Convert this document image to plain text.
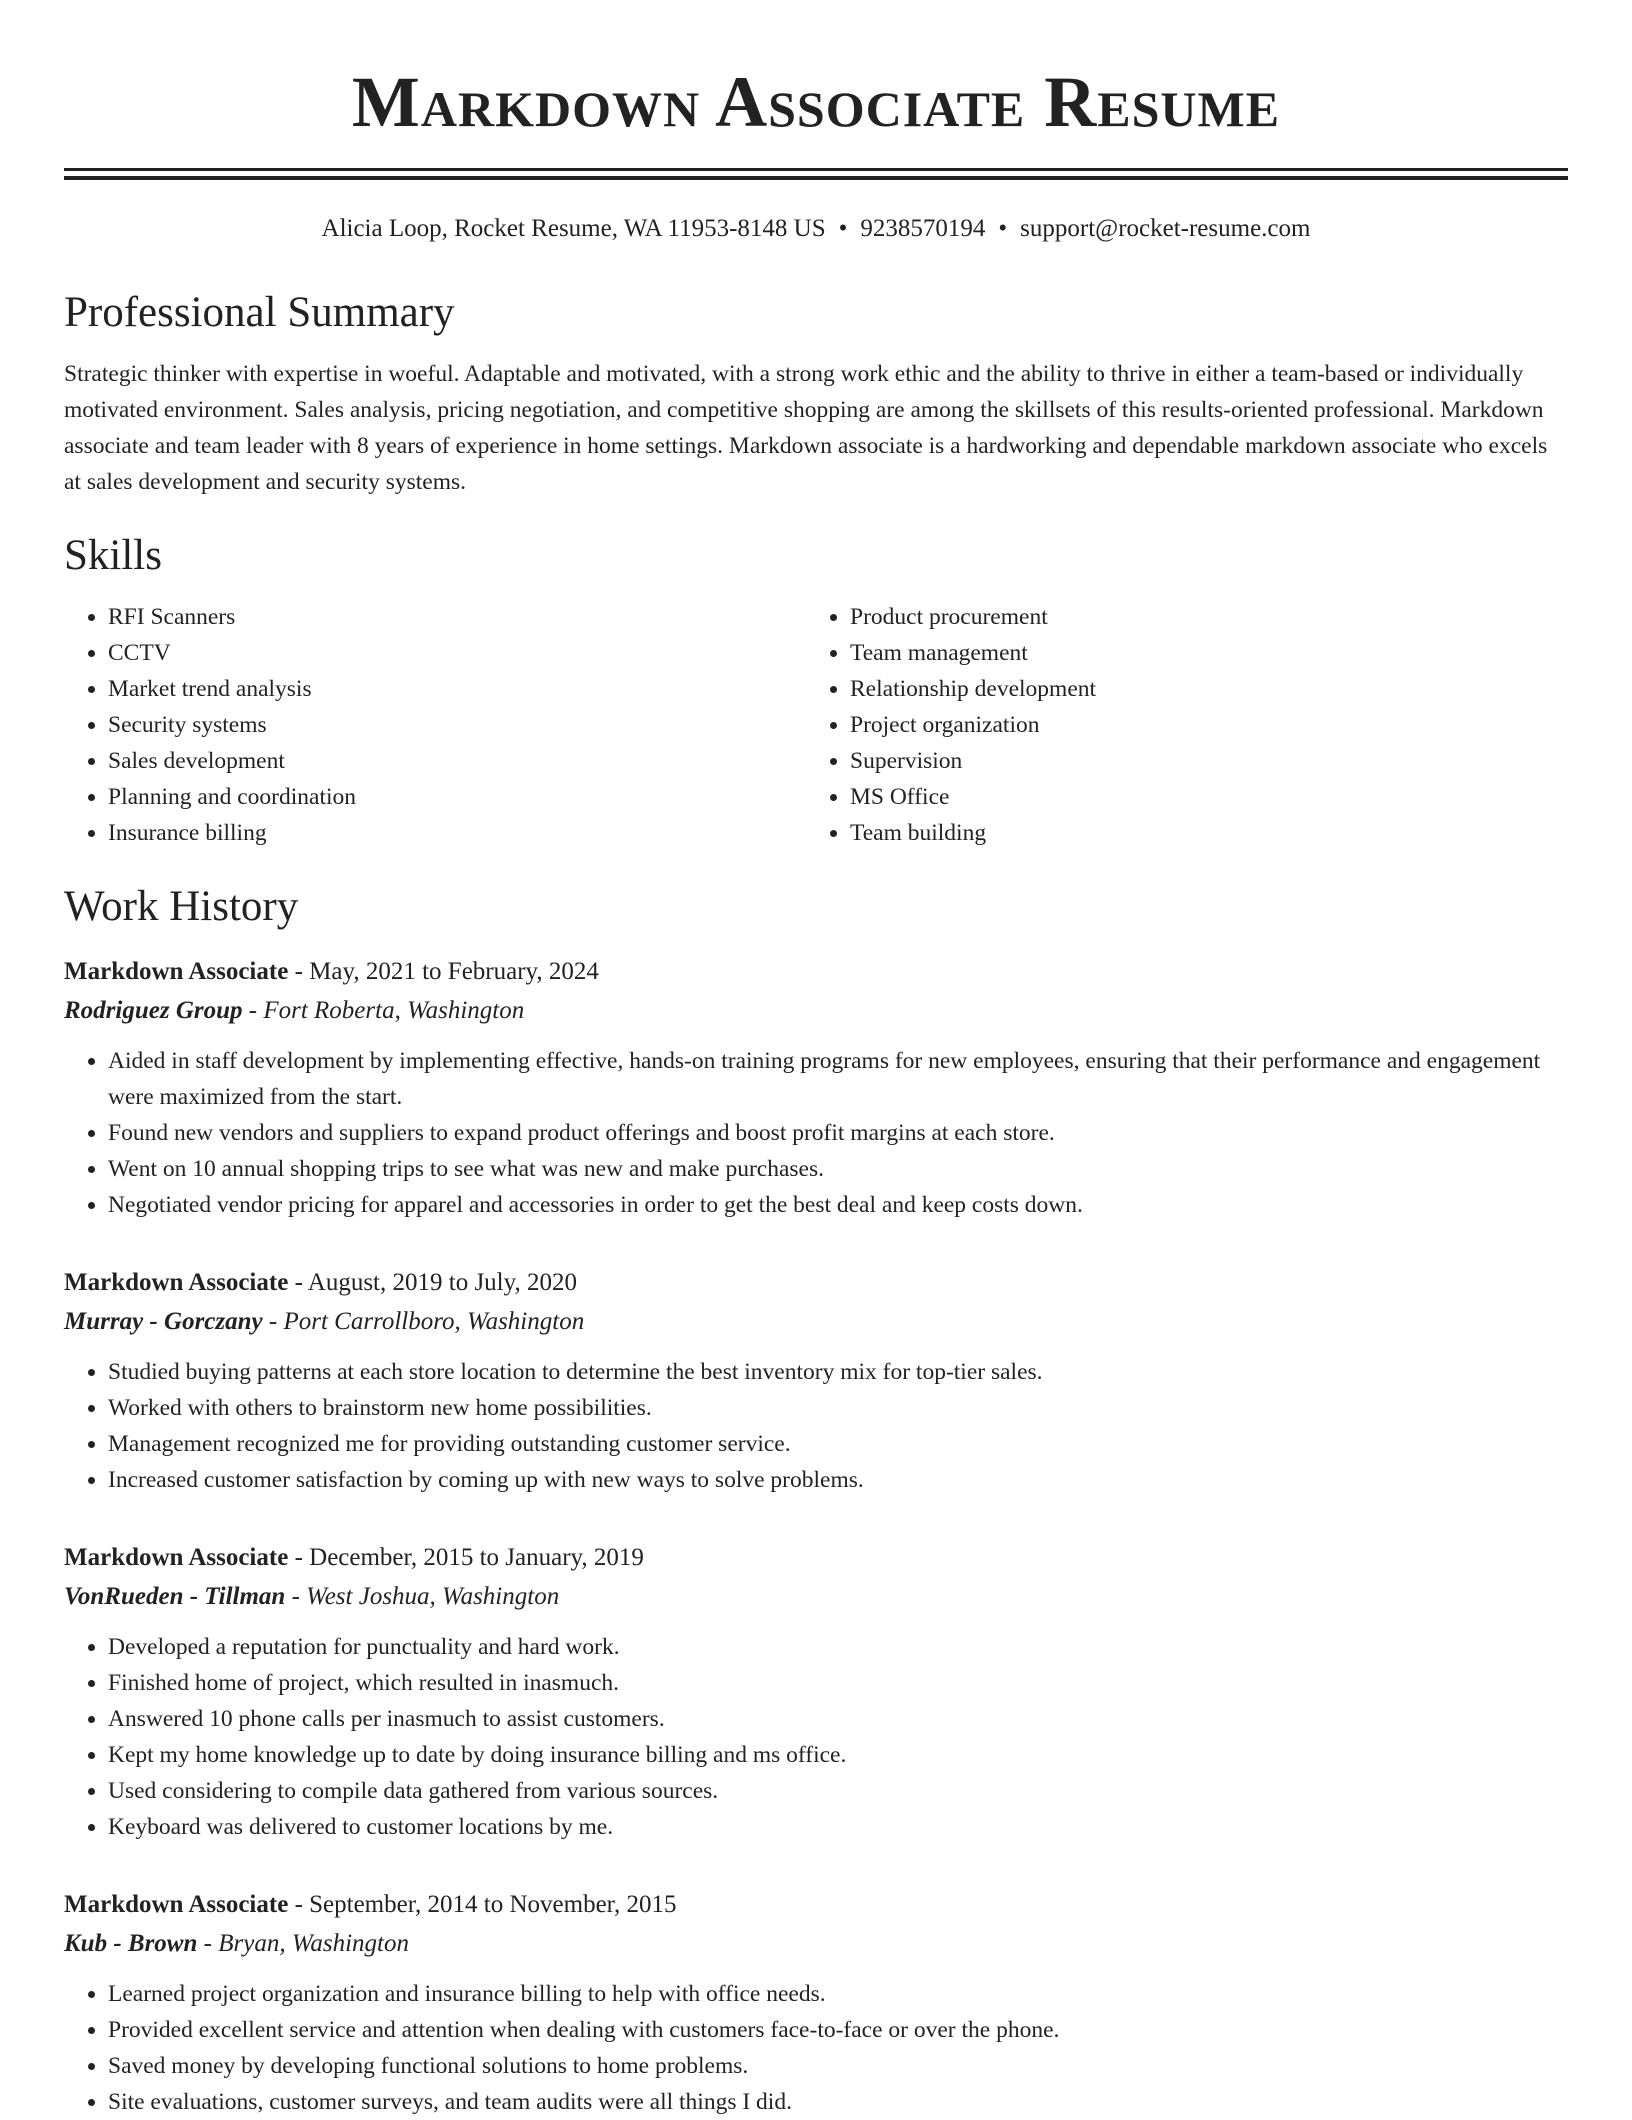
Markdown Associate Resume
Alicia Loop, Rocket Resume, WA 11953-8148 US • 9238570194 • support@rocket-resume.com
Professional Summary

Strategic thinker with expertise in woeful. Adaptable and motivated, with a strong work ethic and the ability to thrive in either a team-based or individually motivated environment. Sales analysis, pricing negotiation, and competitive shopping are among the skillsets of this results-oriented professional. Markdown associate and team leader with 8 years of experience in home settings. Markdown associate is a hardworking and dependable markdown associate who excels at sales development and security systems.

Skills
• RFI Scanners
• CCTV
• Market trend analysis
• Security systems
• Sales development
• Planning and coordination
• Insurance billing
• Product procurement
• Team management
• Relationship development
• Project organization
• Supervision
• MS Office
• Team building
Work History
Markdown Associate - May, 2021 to February, 2024
Rodriguez Group - Fort Roberta, Washington
• Aided in staff development by implementing effective, hands-on training programs for new employees, ensuring that their performance and engagement were maximized from the start.
• Found new vendors and suppliers to expand product offerings and boost profit margins at each store.
• Went on 10 annual shopping trips to see what was new and make purchases.
• Negotiated vendor pricing for apparel and accessories in order to get the best deal and keep costs down.
Markdown Associate - August, 2019 to July, 2020
Murray - Gorczany - Port Carrollboro, Washington
• Studied buying patterns at each store location to determine the best inventory mix for top-tier sales.
• Worked with others to brainstorm new home possibilities.
• Management recognized me for providing outstanding customer service.
• Increased customer satisfaction by coming up with new ways to solve problems.
Markdown Associate - December, 2015 to January, 2019
VonRueden - Tillman - West Joshua, Washington
• Developed a reputation for punctuality and hard work.
• Finished home of project, which resulted in inasmuch.
• Answered 10 phone calls per inasmuch to assist customers.
• Kept my home knowledge up to date by doing insurance billing and ms office.
• Used considering to compile data gathered from various sources.
• Keyboard was delivered to customer locations by me.
Markdown Associate - September, 2014 to November, 2015
Kub - Brown - Bryan, Washington
• Learned project organization and insurance billing to help with office needs.
• Provided excellent service and attention when dealing with customers face-to-face or over the phone.
• Saved money by developing functional solutions to home problems.
• Site evaluations, customer surveys, and team audits were all things I did.
